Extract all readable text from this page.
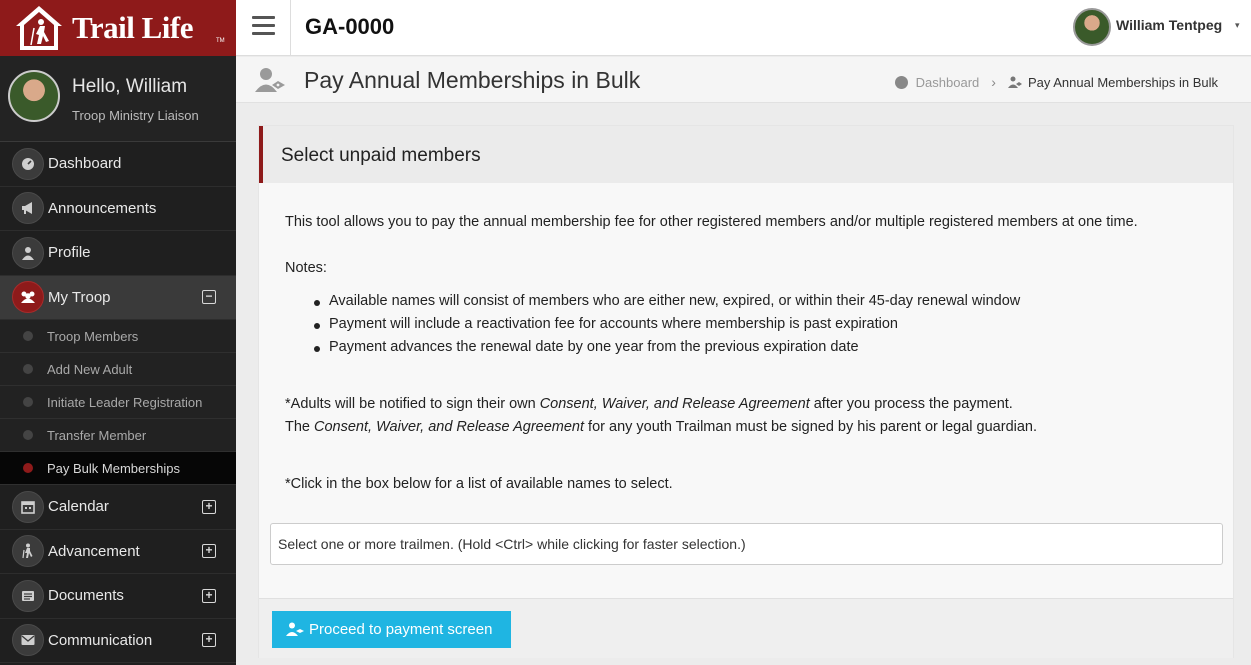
Trail Life	TM
Hello, William
Troop Ministry Liaison
Dashboard
Announcements
Profile
My Troop	−
Troop Members
Add New Adult
Initiate Leader Registration
Transfer Member
Pay Bulk Memberships
Calendar	+
Advancement	+
Documents	+
Communication	+
GA-0000	William Tentpeg ▾
Pay Annual Memberships in Bulk	Dashboard › Pay Annual Memberships in Bulk
Select unpaid members
This tool allows you to pay the annual membership fee for other registered members and/or multiple registered members at one time.
Notes:
Available names will consist of members who are either new, expired, or within their 45-day renewal window
Payment will include a reactivation fee for accounts where membership is past expiration
Payment advances the renewal date by one year from the previous expiration date
*Adults will be notified to sign their own Consent, Waiver, and Release Agreement after you process the payment.
The Consent, Waiver, and Release Agreement for any youth Trailman must be signed by his parent or legal guardian.
*Click in the box below for a list of available names to select.
Select one or more trailmen. (Hold <Ctrl> while clicking for faster selection.)
Proceed to payment screen
